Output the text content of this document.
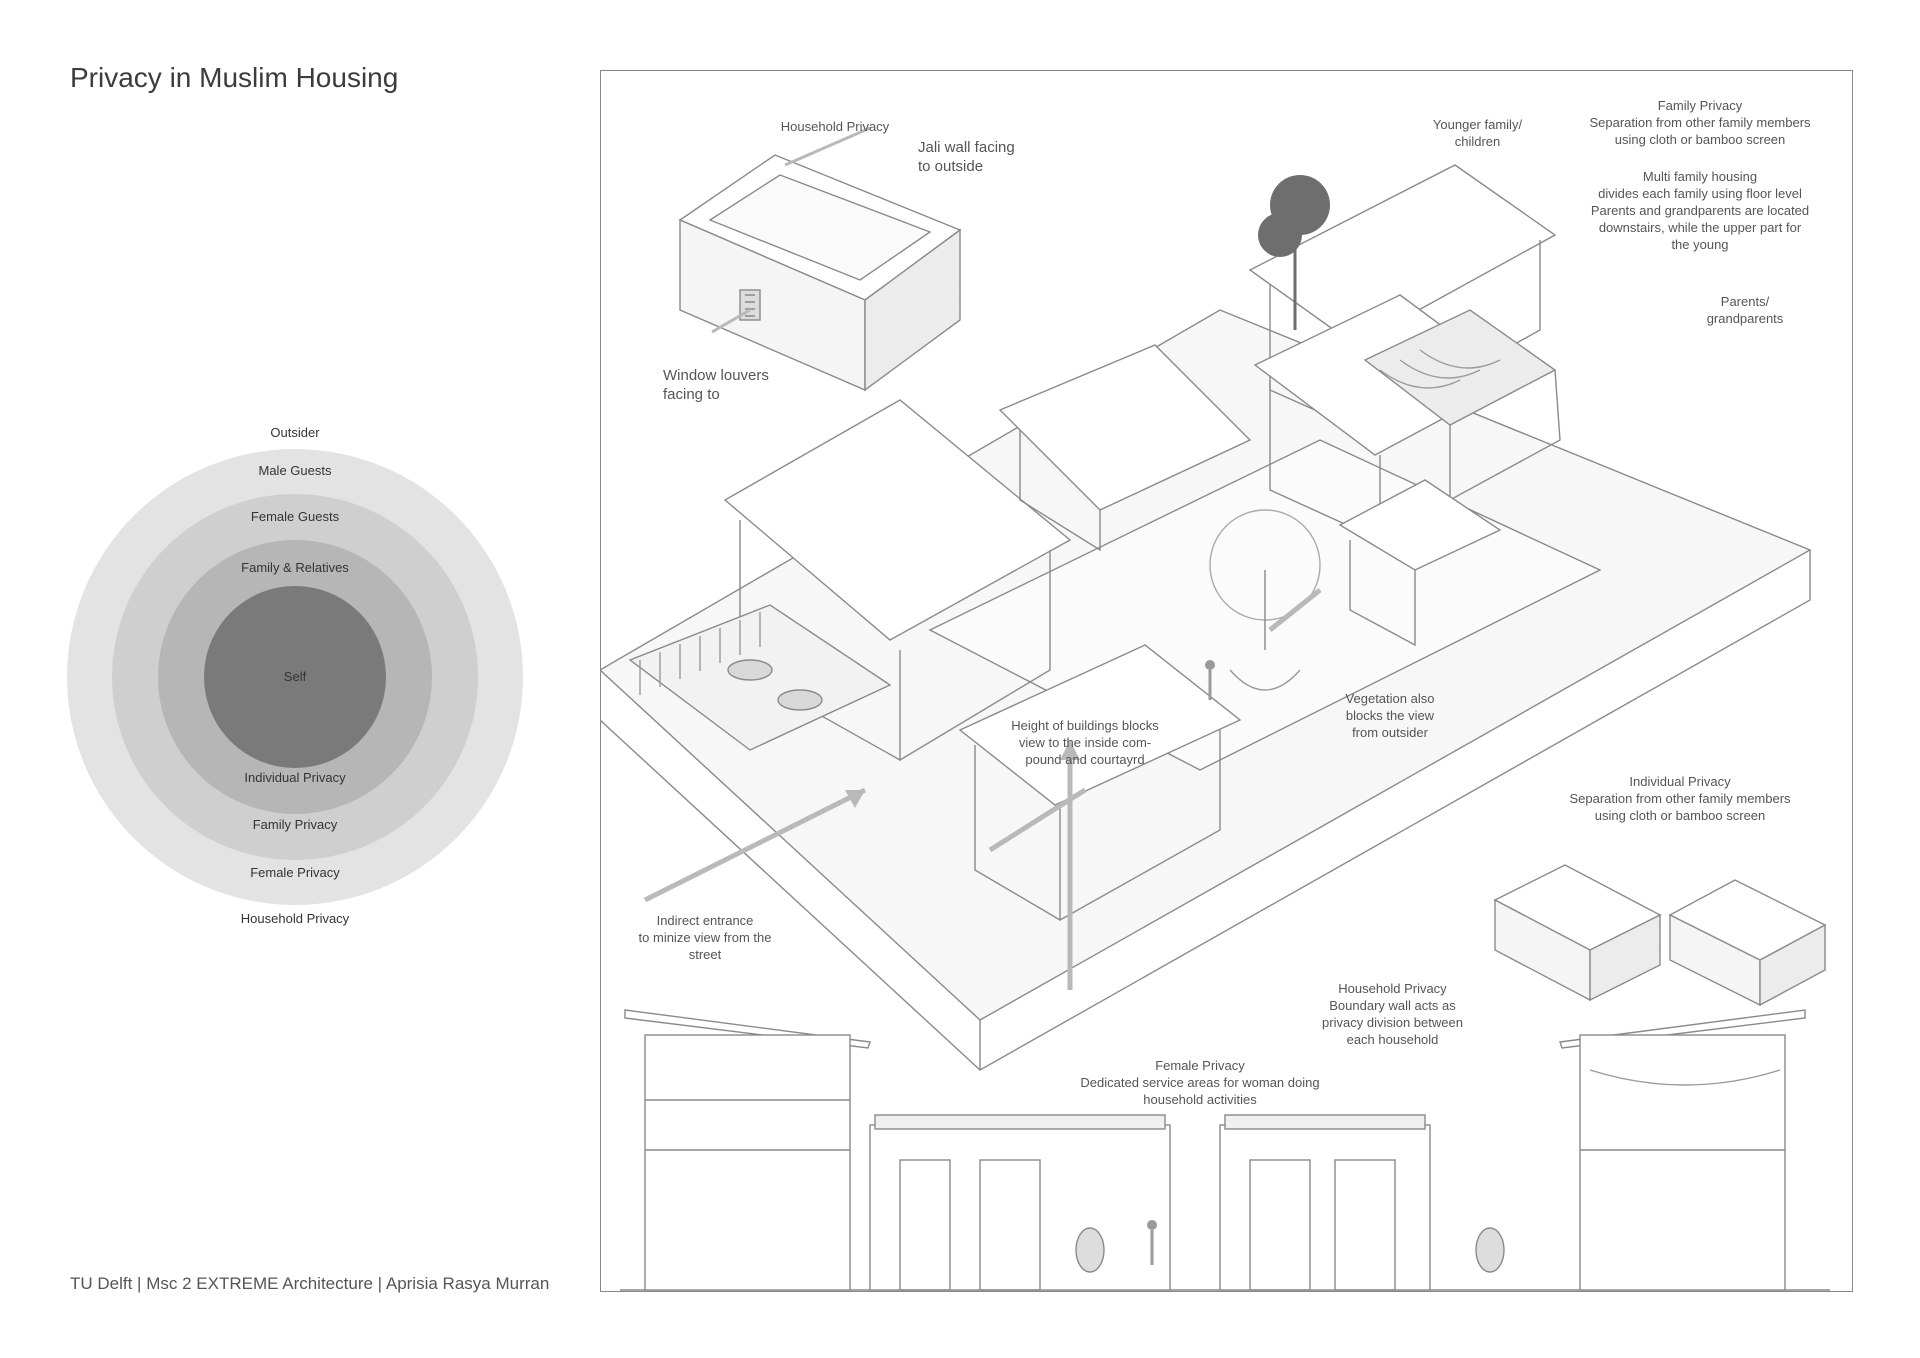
Privacy in Muslim Housing
Outsider
Male Guests
Female Guests
Family & Relatives
Self
Individual Privacy
Family Privacy
Female Privacy
Household Privacy
Household Privacy
Jali wall facing
to outside
Window louvers
facing to
Younger family/
children
Family Privacy
Separation from other family members
using cloth or bamboo screen
Multi family housing
divides each family using floor level
Parents and grandparents are located
downstairs, while the upper part for
the young
Parents/
grandparents
Height of buildings blocks
view to the inside com-
pound and courtayrd
Vegetation also
blocks the view
from outsider
Individual Privacy
Separation from other family members
using cloth or bamboo screen
Indirect entrance
to minize view from the
street
Household Privacy
Boundary wall acts as
privacy division between
each household
Female Privacy
Dedicated service areas for woman doing
household activities
TU Delft | Msc 2 EXTREME Architecture | Aprisia Rasya Murran
